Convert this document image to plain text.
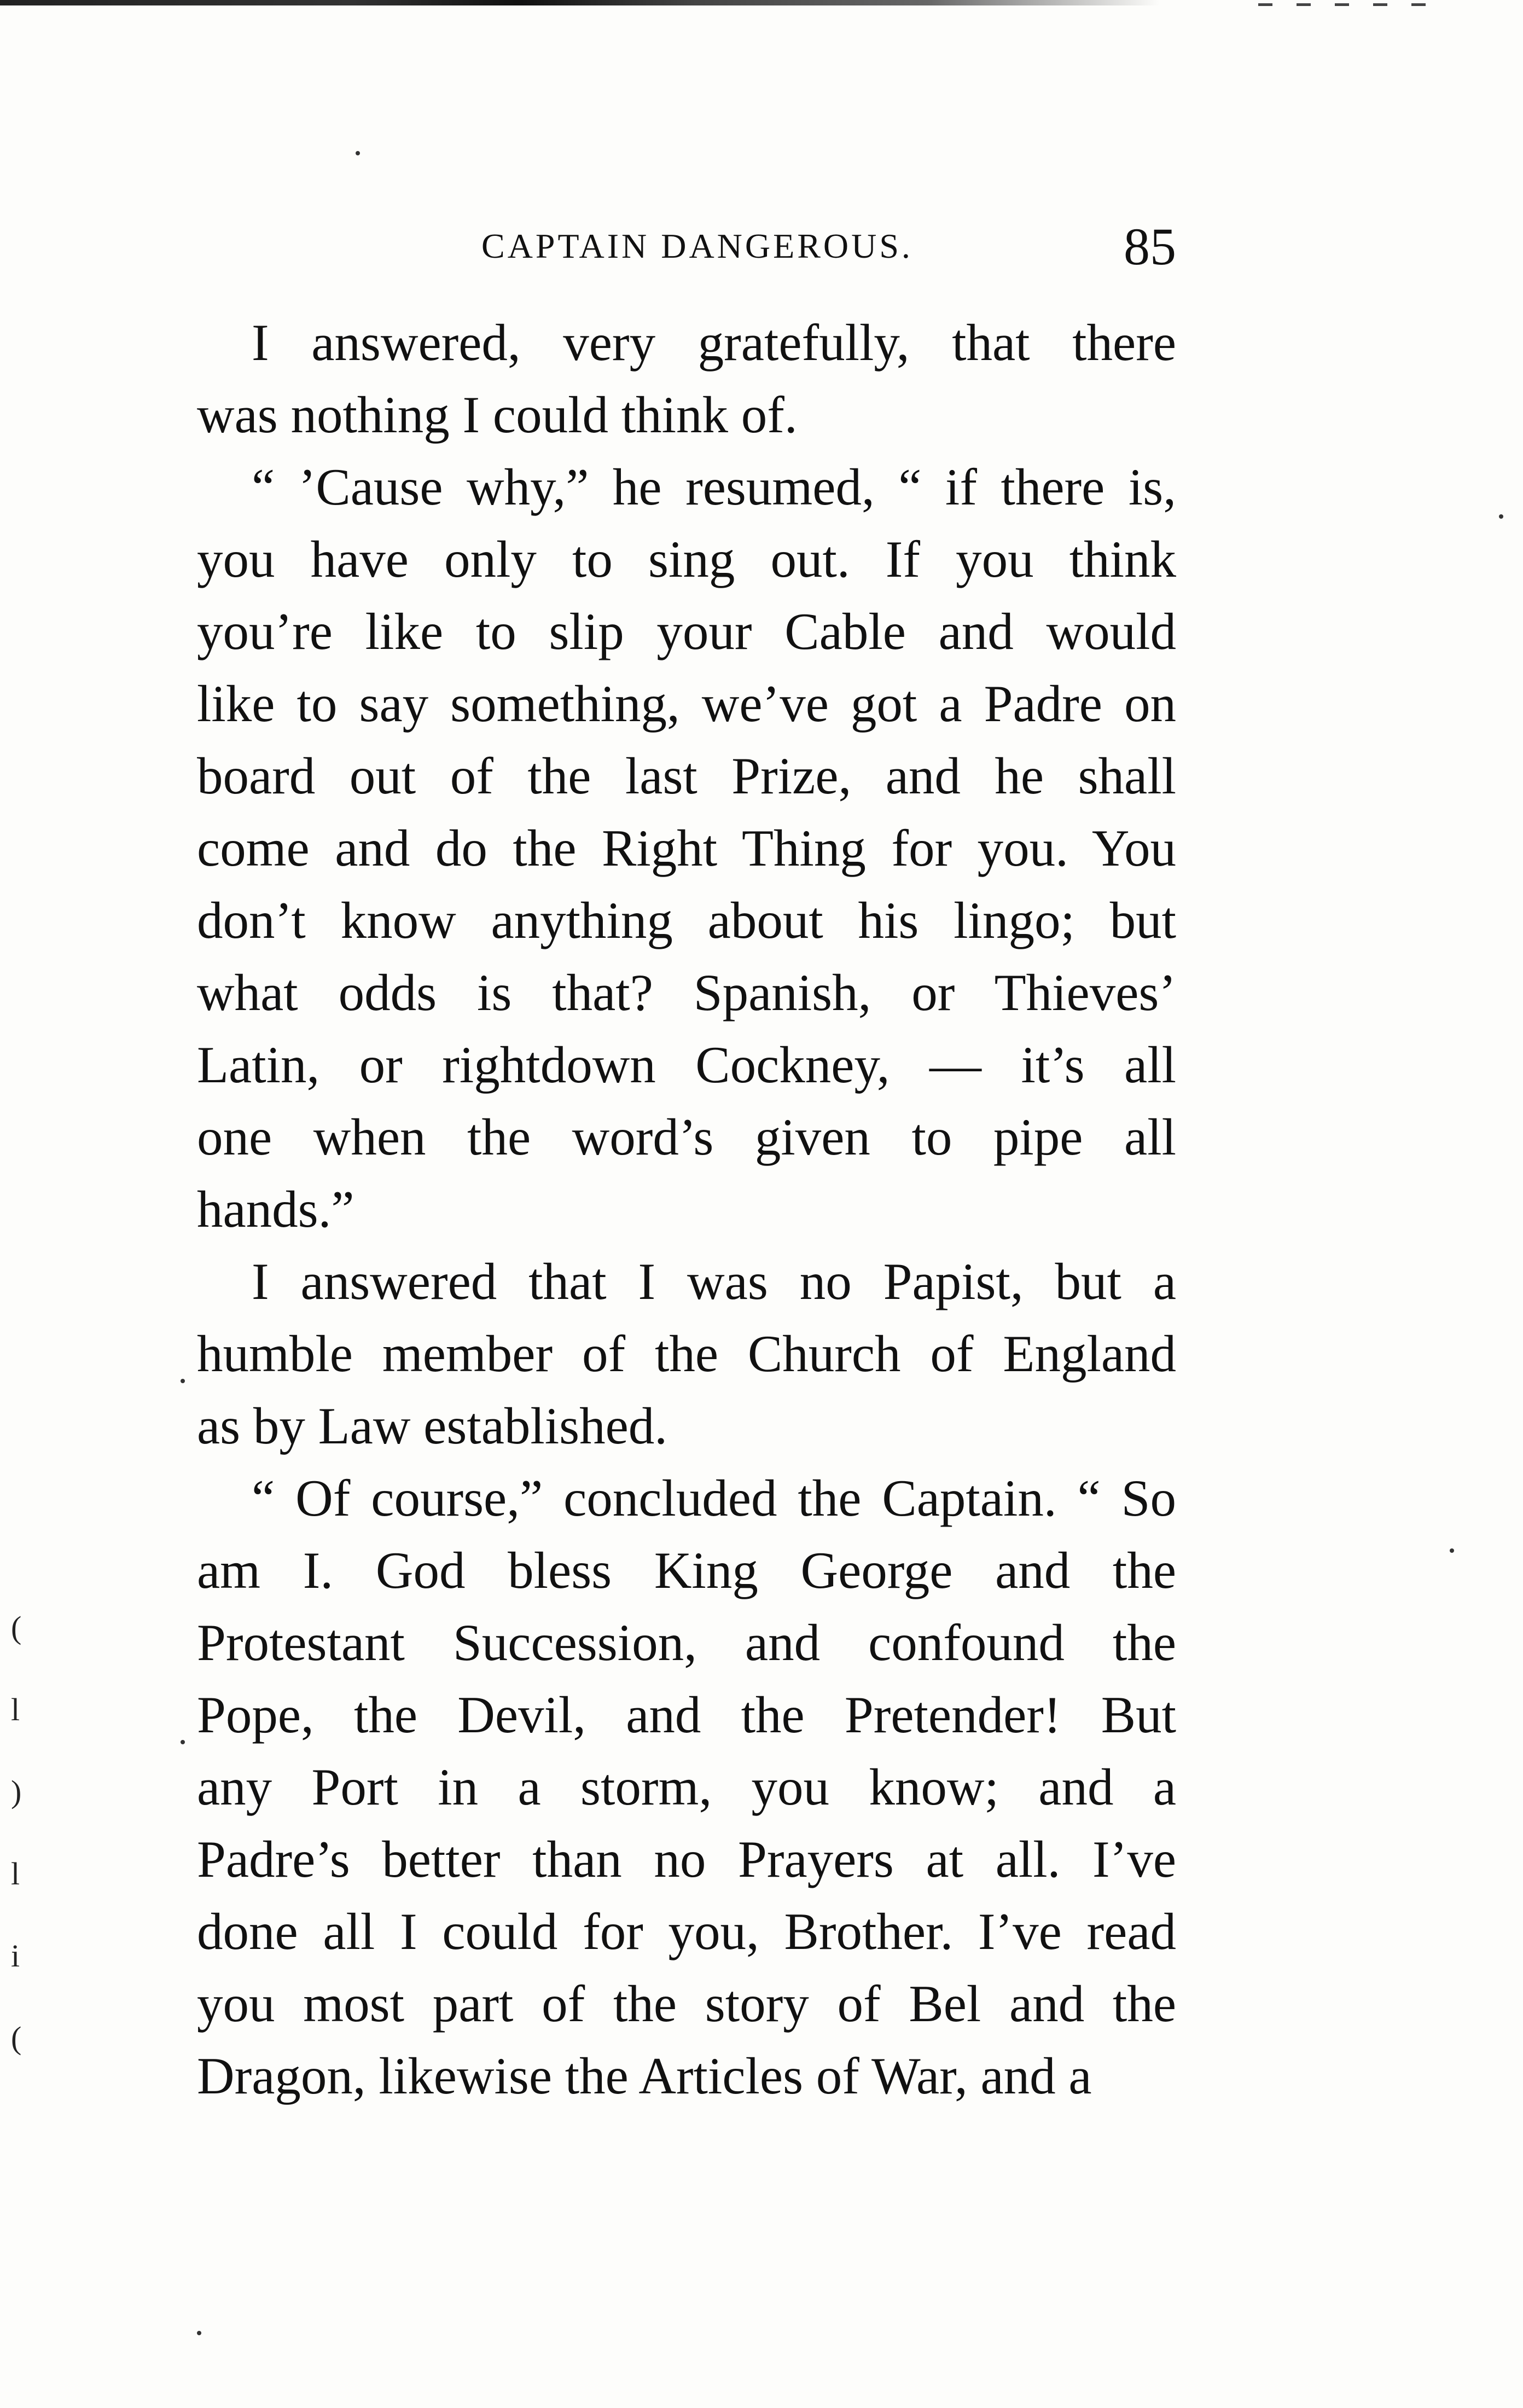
CAPTAIN DANGEROUS.	85
I answered, very gratefully, that there
was nothing I could think of.
“ ’Cause why,” he resumed, “ if there is,
you have only to sing out. If you think
you’re like to slip your Cable and would
like to say something, we’ve got a Padre on
board out of the last Prize, and he shall
come and do the Right Thing for you. You
don’t know anything about his lingo; but
what odds is that? Spanish, or Thieves’
Latin, or rightdown Cockney, — it’s all
one when the word’s given to pipe all
hands.”
I answered that I was no Papist, but a
humble member of the Church of England
as by Law established.
“ Of course,” concluded the Captain. “ So
am I. God bless King George and the
Protestant Succession, and confound the
Pope, the Devil, and the Pretender! But
any Port in a storm, you know; and a
Padre’s better than no Prayers at all. I’ve
done all I could for you, Brother. I’ve read
you most part of the story of Bel and the
Dragon, likewise the Articles of War, and a
(
l
)
l
i
(
